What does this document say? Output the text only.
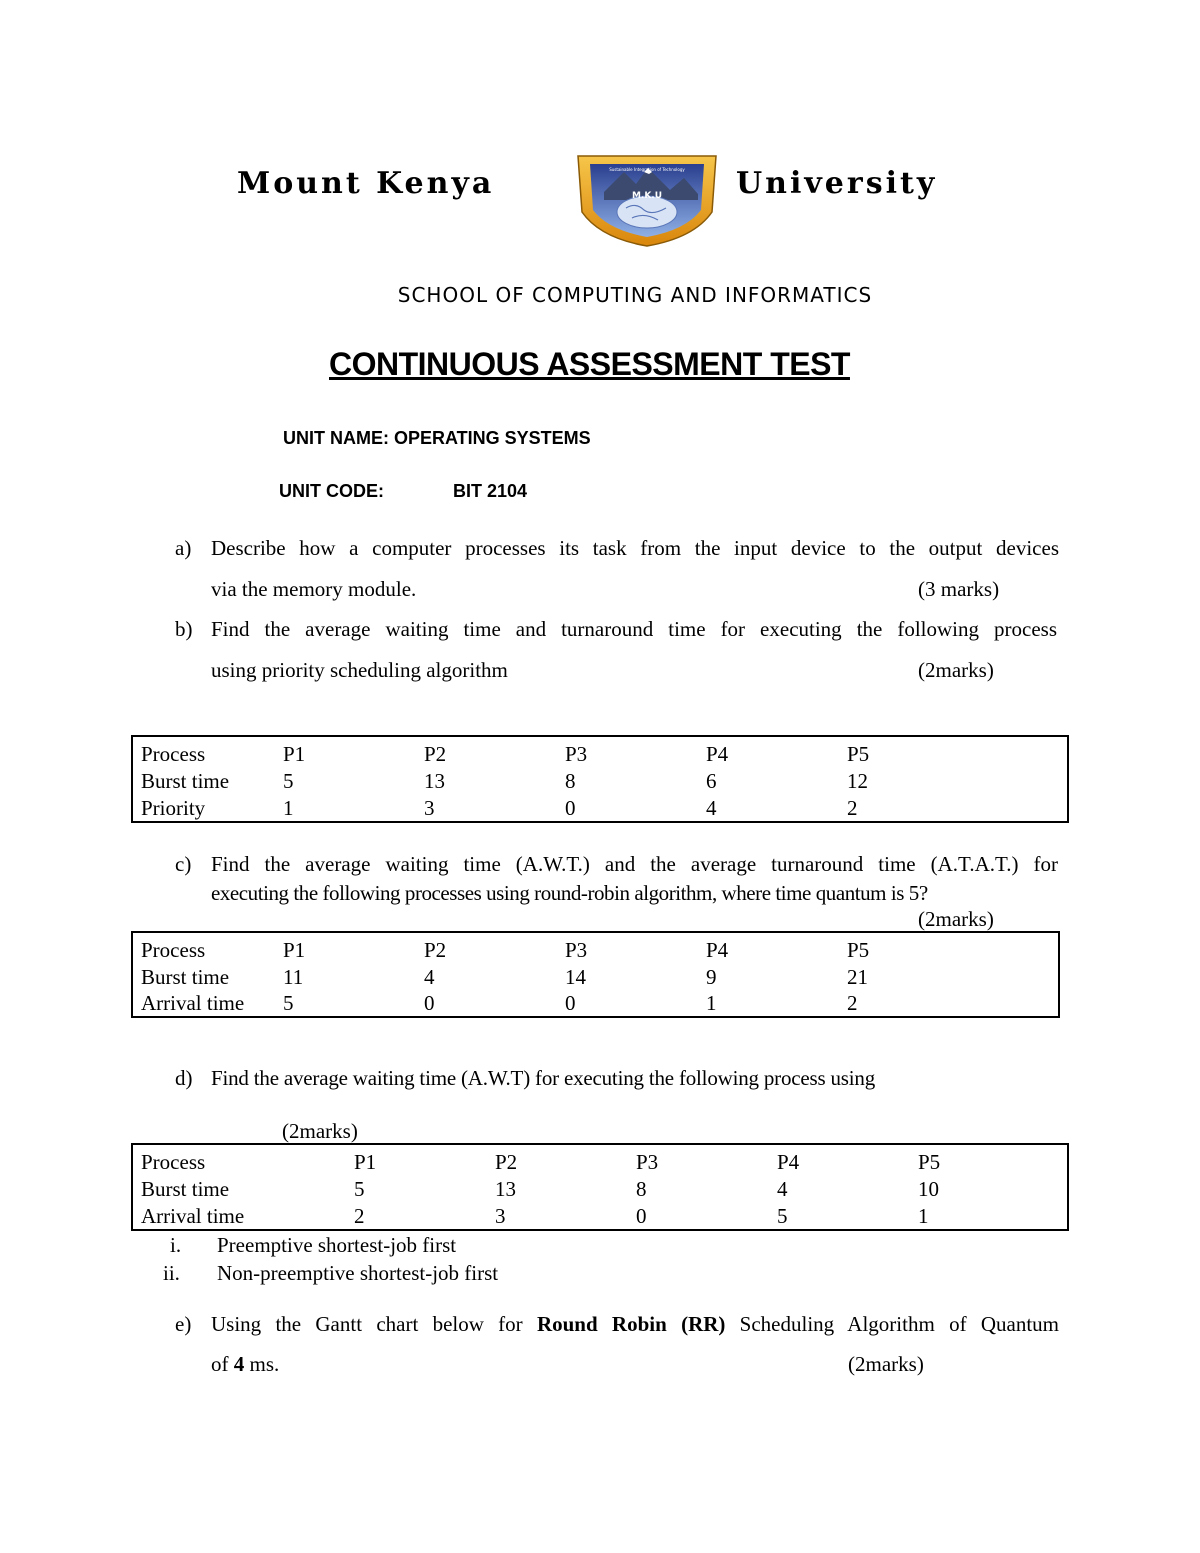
Mount Kenya	M.K.U
Sustainable Integration of Technology University
SCHOOL OF COMPUTING AND INFORMATICS
CONTINUOUS ASSESSMENT TEST
UNIT NAME: OPERATING SYSTEMS
UNIT CODE:	BIT 2104
a) Describe how a computer processes its task from the input device to the output devices
via the memory module.	(3 marks)
b) Find the average waiting time and turnaround time for executing the following process
using priority scheduling algorithm	(2marks)
Process	P1	P2	P3	P4	P5
Burst time	5	13	8	6	12
Priority	1	3	0	4	2
c) Find the average waiting time (A.W.T.) and the average turnaround time (A.T.A.T.) for
executing the following processes using round-robin algorithm, where time quantum is 5?
(2marks)
Process	P1	P2	P3	P4	P5
Burst time	11	4	14	9	21
Arrival time 5	0	0	1	2
d) Find the average waiting time (A.W.T) for executing the following process using
(2marks)
Process	P1	P2	P3	P4	P5
Burst time	5	13	8	4	10
Arrival time	2	3	0	5	1
i. Preemptive shortest-job first
ii. Non-preemptive shortest-job first
e) Using the Gantt chart below for Round Robin (RR) Scheduling Algorithm of Quantum
of 4 ms.	(2marks)
